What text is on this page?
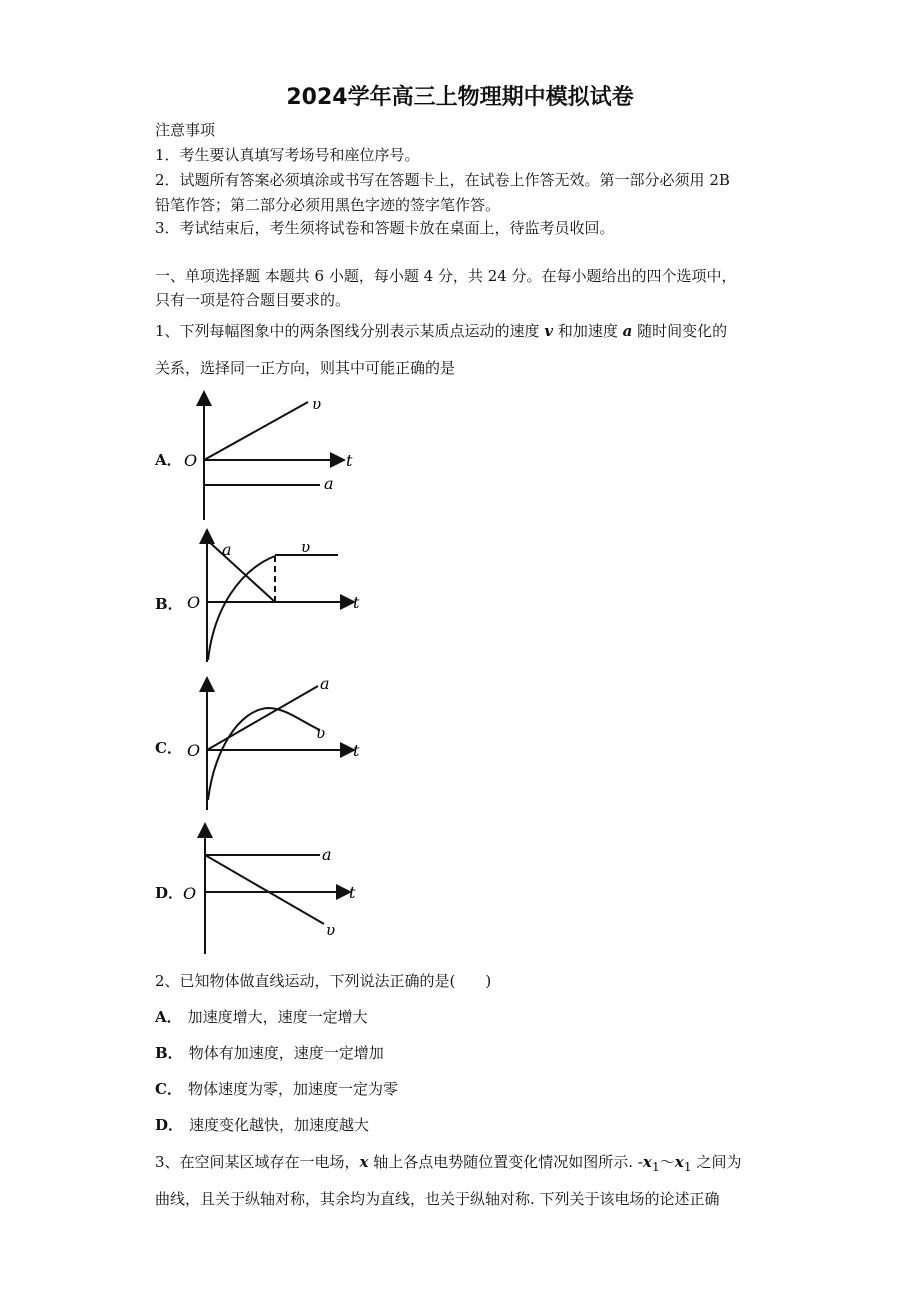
2024学年高三上物理期中模拟试卷
注意事项
1．考生要认真填写考场号和座位序号。
2．试题所有答案必须填涂或书写在答题卡上，在试卷上作答无效。第一部分必须用 2B
铅笔作答；第二部分必须用黑色字迹的签字笔作答。
3．考试结束后，考生须将试卷和答题卡放在桌面上，待监考员收回。
一、单项选择题 本题共 6 小题，每小题 4 分，共 24 分。在每小题给出的四个选项中，
只有一项是符合题目要求的。
1、下列每幅图象中的两条图线分别表示某质点运动的速度 v 和加速度 a 随时间变化的
关系，选择同一正方向，则其中可能正确的是
A． O	t
υ
a
B． O	t
υ
a
C． O	t
υ
a
D． O	t
υ
a
2、已知物体做直线运动，下列说法正确的是(　　)
A． 加速度增大，速度一定增大
B． 物体有加速度，速度一定增加
C． 物体速度为零，加速度一定为零
D． 速度变化越快，加速度越大
3、在空间某区域存在一电场，x 轴上各点电势随位置变化情况如图所示. $-x_1\sim x_1$ 之间为
曲线，且关于纵轴对称，其余均为直线，也关于纵轴对称. 下列关于该电场的论述正确
